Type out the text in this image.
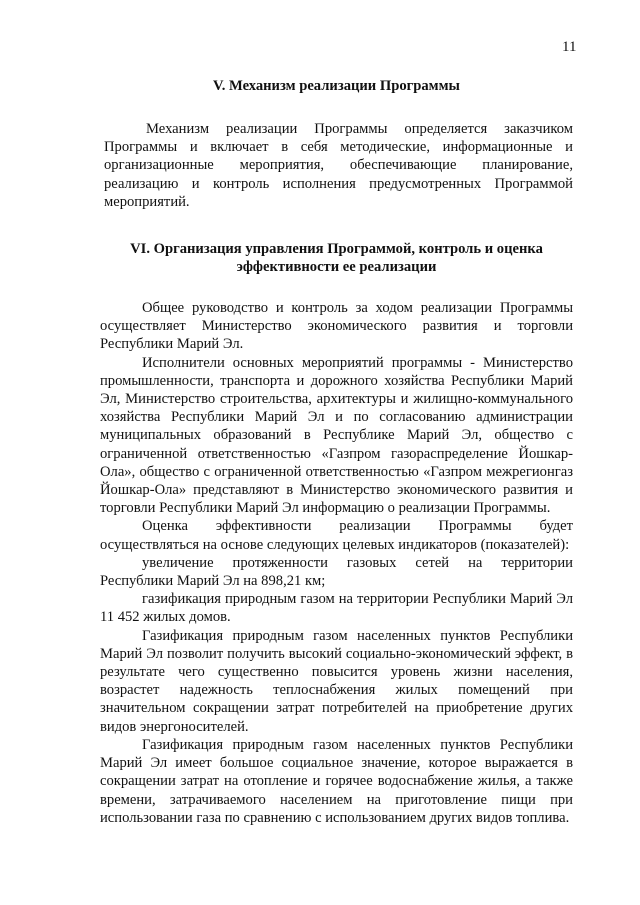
11

V. Механизм реализации Программы

Механизм реализации Программы определяется заказчиком Программы и включает в себя методические, информационные и организационные мероприятия, обеспечивающие планирование, реализацию и контроль исполнения предусмотренных Программой мероприятий.

VI. Организация управления Программой, контроль и оценка эффективности ее реализации

Общее руководство и контроль за ходом реализации Программы осуществляет Министерство экономического развития и торговли Республики Марий Эл.

Исполнители основных мероприятий программы - Министерство промышленности, транспорта и дорожного хозяйства Республики Марий Эл, Министерство строительства, архитектуры и жилищно-коммунального хозяйства Республики Марий Эл и по согласованию администрации муниципальных образований в Республике Марий Эл, общество с ограниченной ответственностью «Газпром газораспределение Йошкар-Ола», общество с ограниченной ответственностью «Газпром межрегионгаз Йошкар-Ола» представляют в Министерство экономического развития и торговли Республики Марий Эл информацию о реализации Программы.

Оценка эффективности реализации Программы будет осуществляться на основе следующих целевых индикаторов (показателей):

увеличение протяженности газовых сетей на территории Республики Марий Эл на 898,21 км;

газификация природным газом на территории Республики Марий Эл 11 452 жилых домов.

Газификация природным газом населенных пунктов Республики Марий Эл позволит получить высокий социально-экономический эффект, в результате чего существенно повысится уровень жизни населения, возрастет надежность теплоснабжения жилых помещений при значительном сокращении затрат потребителей на приобретение других видов энергоносителей.

Газификация природным газом населенных пунктов Республики Марий Эл имеет большое социальное значение, которое выражается в сокращении затрат на отопление и горячее водоснабжение жилья, а также времени, затрачиваемого населением на приготовление пищи при использовании газа по сравнению с использованием других видов топлива.
